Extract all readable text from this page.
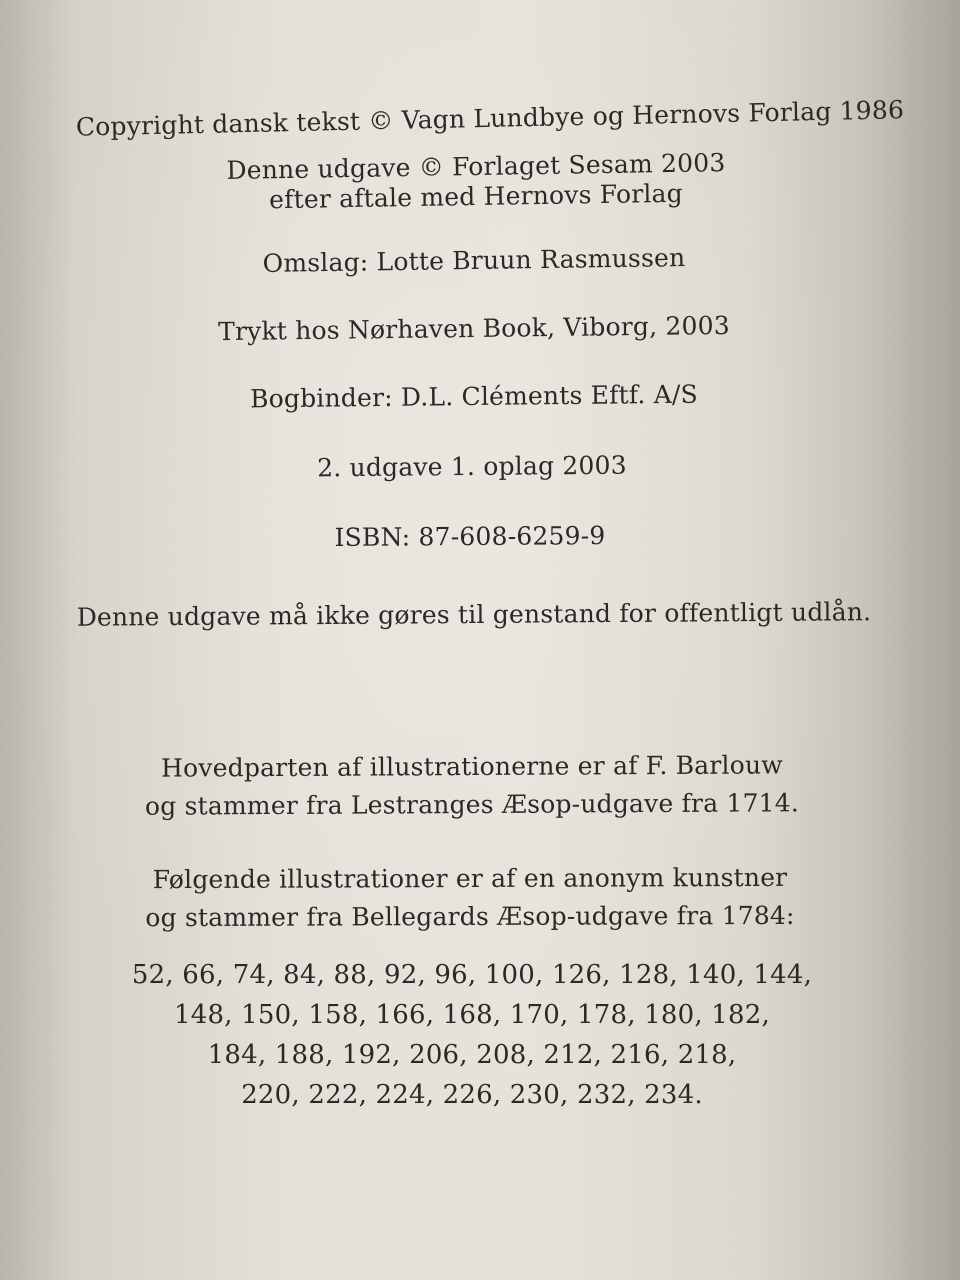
Copyright dansk tekst © Vagn Lundbye og Hernovs Forlag 1986
Denne udgave © Forlaget Sesam 2003
efter aftale med Hernovs Forlag
Omslag: Lotte Bruun Rasmussen
Trykt hos Nørhaven Book, Viborg, 2003
Bogbinder: D.L. Cléments Eftf. A/S
2. udgave 1. oplag 2003
ISBN: 87-608-6259-9
Denne udgave må ikke gøres til genstand for offentligt udlån.
Hovedparten af illustrationerne er af F. Barlouw
og stammer fra Lestranges Æsop-udgave fra 1714.
Følgende illustrationer er af en anonym kunstner
og stammer fra Bellegards Æsop-udgave fra 1784:
52, 66, 74, 84, 88, 92, 96, 100, 126, 128, 140, 144,
148, 150, 158, 166, 168, 170, 178, 180, 182,
184, 188, 192, 206, 208, 212, 216, 218,
220, 222, 224, 226, 230, 232, 234.
